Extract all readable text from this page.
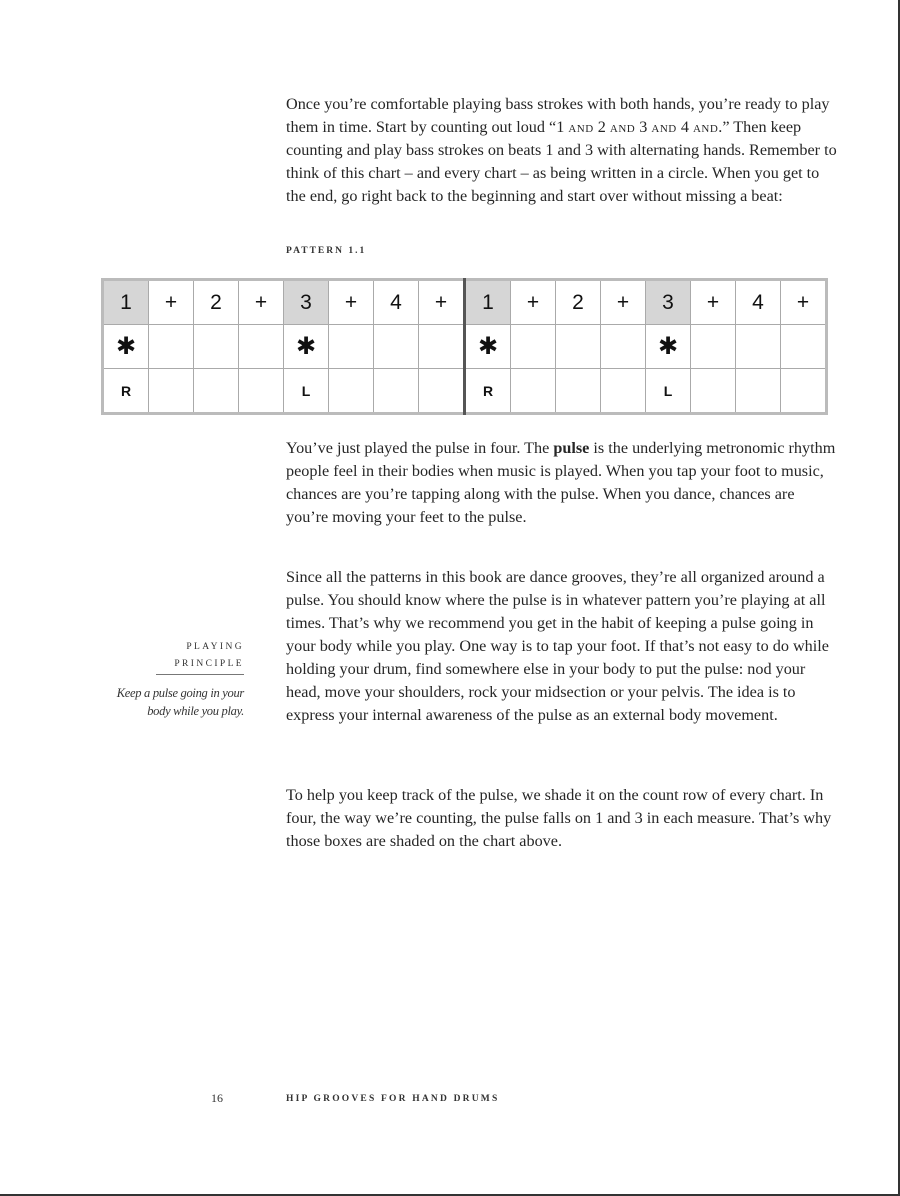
Once you’re comfortable playing bass strokes with both hands, you’re ready to play them in time. Start by counting out loud “1 and 2 and 3 and 4 and.” Then keep counting and play bass strokes on beats 1 and 3 with alternating hands. Remember to think of this chart – and every chart – as being written in a circle. When you get to the end, go right back to the beginning and start over without missing a beat:

PATTERN 1.1
1	+	2	+	3	+	4	+	1	+	2	+	3	+	4	+
✱				✱				✱				✱			
R				L				R				L			

You’ve just played the pulse in four. The pulse is the underlying metronomic rhythm people feel in their bodies when music is played. When you tap your foot to music, chances are you’re tapping along with the pulse. When you dance, chances are you’re moving your feet to the pulse.

Since all the patterns in this book are dance grooves, they’re all organized around a pulse. You should know where the pulse is in whatever pattern you’re playing at all times. That’s why we recommend you get in the habit of keeping a pulse going in your body while you play. One way is to tap your foot. If that’s not easy to do while holding your drum, find somewhere else in your body to put the pulse: nod your head, move your shoulders, rock your midsection or your pelvis. The idea is to express your internal awareness of the pulse as an external body movement.

To help you keep track of the pulse, we shade it on the count row of every chart. In four, the way we’re counting, the pulse falls on 1 and 3 in each measure. That’s why those boxes are shaded on the chart above.

PLAYING
PRINCIPLE
Keep a pulse going in your body while you play.
16	HIP GROOVES FOR HAND DRUMS
